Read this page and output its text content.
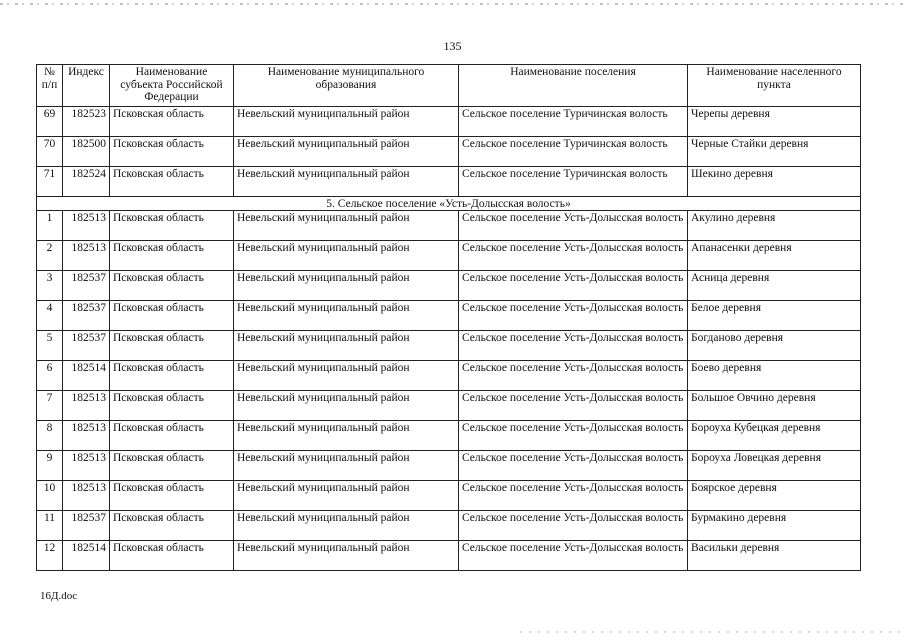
135
№ п/п	Индекс	Наименование субъекта Российской Федерации	Наименование муниципального образования	Наименование поселения	Наименование населенного пункта
69	182523	Псковская область	Невельский муниципальный район	Сельское поселение Туричинская волость	Черепы деревня
70	182500	Псковская область	Невельский муниципальный район	Сельское поселение Туричинская волость	Черные Стайки деревня
71	182524	Псковская область	Невельский муниципальный район	Сельское поселение Туричинская волость	Шекино деревня
5. Сельское поселение «Усть-Долысская волость»					
1	182513	Псковская область	Невельский муниципальный район	Сельское поселение Усть-Долысская волость	Акулино деревня
2	182513	Псковская область	Невельский муниципальный район	Сельское поселение Усть-Долысская волость	Апанасенки деревня
3	182537	Псковская область	Невельский муниципальный район	Сельское поселение Усть-Долысская волость	Асница деревня
4	182537	Псковская область	Невельский муниципальный район	Сельское поселение Усть-Долысская волость	Белое деревня
5	182537	Псковская область	Невельский муниципальный район	Сельское поселение Усть-Долысская волость	Богданово деревня
6	182514	Псковская область	Невельский муниципальный район	Сельское поселение Усть-Долысская волость	Боево деревня
7	182513	Псковская область	Невельский муниципальный район	Сельское поселение Усть-Долысская волость	Большое Овчино деревня
8	182513	Псковская область	Невельский муниципальный район	Сельское поселение Усть-Долысская волость	Бороуха Кубецкая деревня
9	182513	Псковская область	Невельский муниципальный район	Сельское поселение Усть-Долысская волость	Бороуха Ловецкая деревня
10	182513	Псковская область	Невельский муниципальный район	Сельское поселение Усть-Долысская волость	Боярское деревня
11	182537	Псковская область	Невельский муниципальный район	Сельское поселение Усть-Долысская волость	Бурмакино деревня
12	182514	Псковская область	Невельский муниципальный район	Сельское поселение Усть-Долысская волость	Васильки деревня
16Д.doc
